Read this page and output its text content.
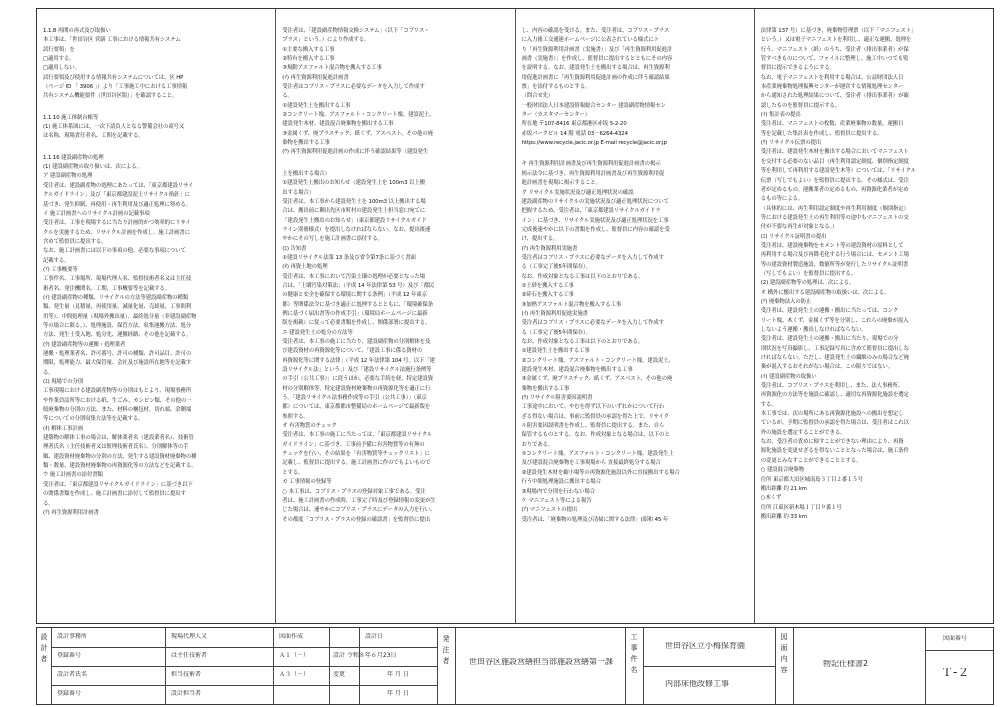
1.1.8 再開の再式及び取扱い

本工事は、「世田谷区 営繕 工事における情報共有システム

試行要領」を

□適用する。

□適用しない。

試行要領及び使用する情報共有システムについては、区 HP

（ページ ID 「 3906 」）より「工事施工中における工事情報

共有システム機能要件（世田谷区版）」を確認すること。

1.1.10 施工体制台帳等

(1) 施工体系図には、一次下請負人となる警備会社の商号又

は名称、現場責任者名、工期を記載する。

1.1.16 建設副産物の処理

(1) 建設副産物の取り扱いは、次による。

ア 建設副産物の処理

受注者は、建設副産物の処理にあたっては、「東京都建設リサイ

クルガイドライン」及び「東京都建設泥土リサイクル指針」に

基づき、発生抑制、再使用・再生利用及び適正処理に努める。

イ 施工計画書へのリサイクル計画の記載事項

受注者は、工事を現場するに当たり計画的かつ効率的にリサイ

クルを実施するため、リサイクル計画を作成し、施工計画書に

含めて監督員に提出する。

なお、施工計画書には以下の事項の他、必要な事項について

記載する。

(ｱ) 工事概要等

工事件名、工事場所、現場代理人名、監督技術者名又は主任技

術者名、発注機関名、工期、工事概要等を記載する。

(ｲ) 建設副産物の種類、リサイクルの方法等建設副産物の種類

類、発生量（見積量、再使用量、減量化量、売却量、工事間利

用等）、中間処理量（現場外搬出量）、最終処分量（非建設副産物

等の場合に限る。）、処理施設、保管方法、収集運搬方法、処分

方法、発生土受入地、処分先、運搬経路、その他を記載する。

(ｳ) 建設副産物等の運搬・処理業者

運搬・処理業者名、許可番号、許可の種類、許可品目、許可の

期限、処理能力、最大保管量、会社及び施設所在地等を記載す

る。

(ｴ) 現場での分別

工事現場における建設副産物等の分別はもとより、現場事務所

や作業員詰所等における紙、生ごみ、カンビン類、その他の一

般廃棄物の分別の方法、また、材料の梱包材、切れ端、余剰端

等についての分別収集方法等を記載する。

(ｵ) 解体工事計画

建築物の解体工事の場合は、解体業者名（建設業者名）、技術管

理者氏名（主任技術者又は監理技術者氏名）、分別解体等の手

順、建設資材廃棄物の分別の方法、発生する建設資材廃棄物の種

類・数量、建設資材廃棄物の再資源化等の方法などを記載する。

ウ 施工計画書の添付書類

受注者は、「東京都建設リサイクルガイドライン」に基づき以下

の関係書類を作成し、施工計画書に添付して監督員に提出す

る。

(ｱ) 再生資源利用計画書

受注者は、「建設副産物情報交換システム」（以下「コブリス・

プラス」という。）により作成する。

①主要な搬入する工事

②特有を搬入する工事

③規動アスファルト混合物を搬入する工事

(ｲ) 再生資源利用促進計画書

受注者はコブリス・プラスに必要なデータを入力して作成す

る。

①建設発生土を搬出する工事

②コンクリート塊、アスファルト・コンクリート塊、建設泥土、

建設発生木材、建設混合廃棄物を搬出する工事

③金属くず、廃プラスチック、紙くず、アスベスト、その他の廃

棄物を搬出する工事

(ｳ) 再生資源利用促進計画の作成に伴う確認結果等（建設発生

土を搬出する場合）

①建設発生土搬出のお知らせ（建設発生土を 100m3 以上搬

出する場合）

受注者は、本工事から建設発生土を 100m3 以上搬出する場

合は、搬出前に剰出先区市町村の建設発生土担当窓口宛てに

「建設発生土搬出のお知らせ」（東京都建設リサイクルガイド

ライン別冊様式）を提出しなければならない。なお、提出後速

やかにその写しを施工計画書に添付する。

(ｴ) 告知書

①建設リサイクル法第 13 条及び省令第7条に基づく書面

(ｵ) 再資土地の処理

受注者は、本工事において汚染土壌の処理が必要となった場

合は、「土壌汚染対策法」（平成 14 年法律第 53 号）及び「都民

の健康と安全を確保する環境に関する条例」（平成 12 年東京

都）等関係法令に基づき適正に処理するとともに、「環境確保条

例に基づく届出書等の作成手引」（環境局ホームページに最新

版を掲載）に従って必要書類を作成し、関係部署に提出する。

エ 建設発生土の処分の方法等

受注者は、本工事の施工に当たり、建設副産物の分別解体を及

び建設資材の再資源化等について、「建設工事に係る資材の

再資源化等に関する法律」（平成 12 年法律第 104 号。以下「建

設リサイクル法」という。）及び「建設リサイクル法施行条例等

の手引（公共工事）」に従うほか、必要な手続を経、特定建設資

材の分別解体等、特定建設資材廃棄物の再資源化等を適正に行

う。「建設リサイクル法事務作成等の手引（公共工事）」（東京

都）については、東京都都市整備局のホームページで最新版を

参照する。

オ 有害物質のチェック

受注者は、本工事の施工に当たっては、「東京都建設リサイクル

ガイドライン」に基づき、工事前予備に有害物質等の有無の

チェックを行い、その結果を「有害物質等チェックリスト」に

記載し、監督員に提出する。施工計画書に作のでもよいもので

とする。

カ 工事情報の登録等

○ 本工事は、コブリス・プラスの登録対象工事である。受注

者は、施工計画書の作成時、工事完了時及び登録情報の変更が生

じた場合は、速やかにコブリス・プラスにデータの入力を行い、

その都度「コブリス・プラスの登録の確認書」を監督員に提出

し、内容の確認を受ける。また、受注者は、コブリス・プラス

に入力後工交通連ホームページに公表されている様式にト

り「再生資源利用計画書（実施書）」及び「再生資源利用促進計

画書（実施書）」を作成し、監督員に提出するとともにその内容

を説明する。なお、建設発生土を搬出する場合は、再生資源利

用促進計画書に「再生資源利用促進計画の作成に伴う確認結果

票」を添付するものとする。

（問合せ先）

一般財団法人日本建設情報総合センター 建設副産物情報セン

ター（カスタマーセンター）

所在地 〒107-8416 東京都港区赤坂 5-2-20

赤坂パークビル 14 階 電話 03－6264-4324

https://www.recycle.jacic.or.jp E-mail recycle@jacic.or.jp

キ 再生資源利用計画書及び再生資源利用促進計画書の掲示

掲示法令に基づき、再生資源利用計画書及び再生資源利用促

進計画書を現場に掲示すること。

ク リサイクル実施状況及び適正処理状況の確認

建設副産物のリサイクルの実施状況及び適正処理状況について

把握するため、受注者は、「東京都建設リサイクルガイドラ

イン」に基づき、リサイクル実施状況及び適正処理状況を工事

完成後速やかに以下の書類を作成し、監督員に内容の確認を受

け、提出する。

(ｱ) 再生資源利用実施書

受注者はコブリス・プラスに必要なデータを入力して作成す

る（工事完了後5年間保存）。

なお、作成対象となる工事は以下のとおりである。

①土砂を搬入する工事

②砕石を搬入する工事

③加熱アスファルト混合物を搬入する工事

(ｲ) 再生資源利用促進実施書

受注者はコブリス・プラスに必要なデータを入力して作成す

る（工事完了後5年間保存）。

なお、作成対象となる工事は以下のとおりである。

①建設発生土を搬出する工事

②コンクリート塊、アスファルト・コンクリート塊、建設泥土、

建設発生木材、建設混合廃棄物を搬出する工事

③金属くず、廃プラスチック、紙くず、アスベスト、その他の廃

棄物を搬出する工事

(ｳ) リサイクル阻害要因説明書

工事途中において、やむを得ず以下のいずれかについて行わ

ざる得ない場合は、事前に監督員の承認を得た上で、リサイク

ル阻害要因説明書を作成し、監督員に提出する。また、自ら

保管するものとする。なお、作成対象となる場合は、以下のと

おりである。

①コンクリート塊、アスファルト・コンクリート塊、建設発生土

及び建設混合廃棄物を工事現場から 直接最終処分する場合

②建設発生木材を縮小場等の再資源化施設以外に直接搬出する場合

行う中間処理施設に搬出する場合

③現場内で分別を行わない場合

ケ マニフェスト等による報告

(ｱ) マニフェストの提出

受注者は、「廃棄物の処理及び清掃に関する法律」(昭和 45 年

法律第 137 号）に基づき、廃棄物管理票（以下「マニフェスト」

という。）又は電子マニフェストを利用し、適正な運搬、処理を

行う。マニフェスト（紙）のうち、受注者（排出事業者）が保

管すべきものについて、ファイルに整理し、施工中いつでも監

督員に提示できるようにする。

なお、電子マニフェストを利用する場合は、公益財団法人日

本産業廃棄物処理振興センターが運営する情報処理センター

から通知された処理結果について、受注者（排出事業者）が確

認したものを監督員に提示する。

(ｲ) 集計表の提出

受注者は、マニフェストの枚数、産業廃棄物の数量、運搬日

等を記載した集計表を作成し、監督員に提出する。

(ｳ) リサイクル伝票の提出

受注者は、建設発生木材を搬出する場合においてマニフェスト

を交付する必要のない品目（再生利用認定制度、個別指定制度

等を利用して再利用する建設発生木等）については、「リサイクル

伝票（写しでもよい）を監督員に提出する。その様式は、受注

者が定めるもの。運搬業者の定めるもの、再資源化業者が定め

るもの等による。

（具体的には、再生利用認定制度や再生利用制度（個別指定）

等における建設発生土の再生利用等の途中もマニフェストの交

付が不要な再生が対象となる。）

(ｴ) リサイクル証明書の提出

受注者は、建設廃棄物をセメント等の建設資材の原料として

再利用する場合及び再降毛化する行う場合には、セメント工場

等の建設資材製造施設、数値所等が発行したリサイクル証明書

（写しでもよい）を監督員に提出する。

(2) 建設副産物等の処理は、次による。

オ 構外に搬出する建設副産物の取扱いは、次による。

(ｱ) 廃棄物法入の防止

受注者は、建設発生土の運搬・搬出に当たっては、コンク

リート塊、木くず、金属くず等を分別し、これらの廃棄が混入

しないよう運搬・搬出しなければならない。

受注者は、建設発生土の運搬・搬出に当たり、現場での分

別状況を写真撮影し、工事記録写真に含めて監督員に提出しな

ければならない。ただし、建設発生土の繊維のみの場合など廃

棄が混入するおそれがない場合は、この限りではない。

(ｲ) 建設副産物の取扱い

受注者は、コブリス・プラスを利用し、また、法人事務所、

再資源化の方法等を施設に確認し、適切な再資源化施設を選定

する。

本工事では、次の場所にある再資源化施設への搬出を想定し

ているが、予期に監督員の承認を得た場合は、受注者はこれ以

外の施設を選定することができる。

なお、受注者の責めに帰すことができない理由により、再資

源化施設を変更せざるを得ないこととなった場合は、施工条件

の変更とみなすことができることとする。

○ 建設混合廃棄物

住所 東京都大田区城南島３丁目２番１５号

搬出距離 約 21 km

○木くず

住所 江東区新木場１丁目９番１号

搬出距離 約 33 km

設計者
設計事務所
登録番号
設計者氏名
登録番号
現場代理人又
は主任技術者
担当技術者
設計担当者
図面作成
Ａ１（－）
Ａ３（－）
設計日
設計 令和８年６月23日
変更	年 月 日
年 月 日
発注者 世田谷区施設営繕担当部施設営繕第一課
工事件名
世田谷区立小梅保育園
内部床他改修工事
図面内容
物記仕様書2
図面番号
Ｔ-２
